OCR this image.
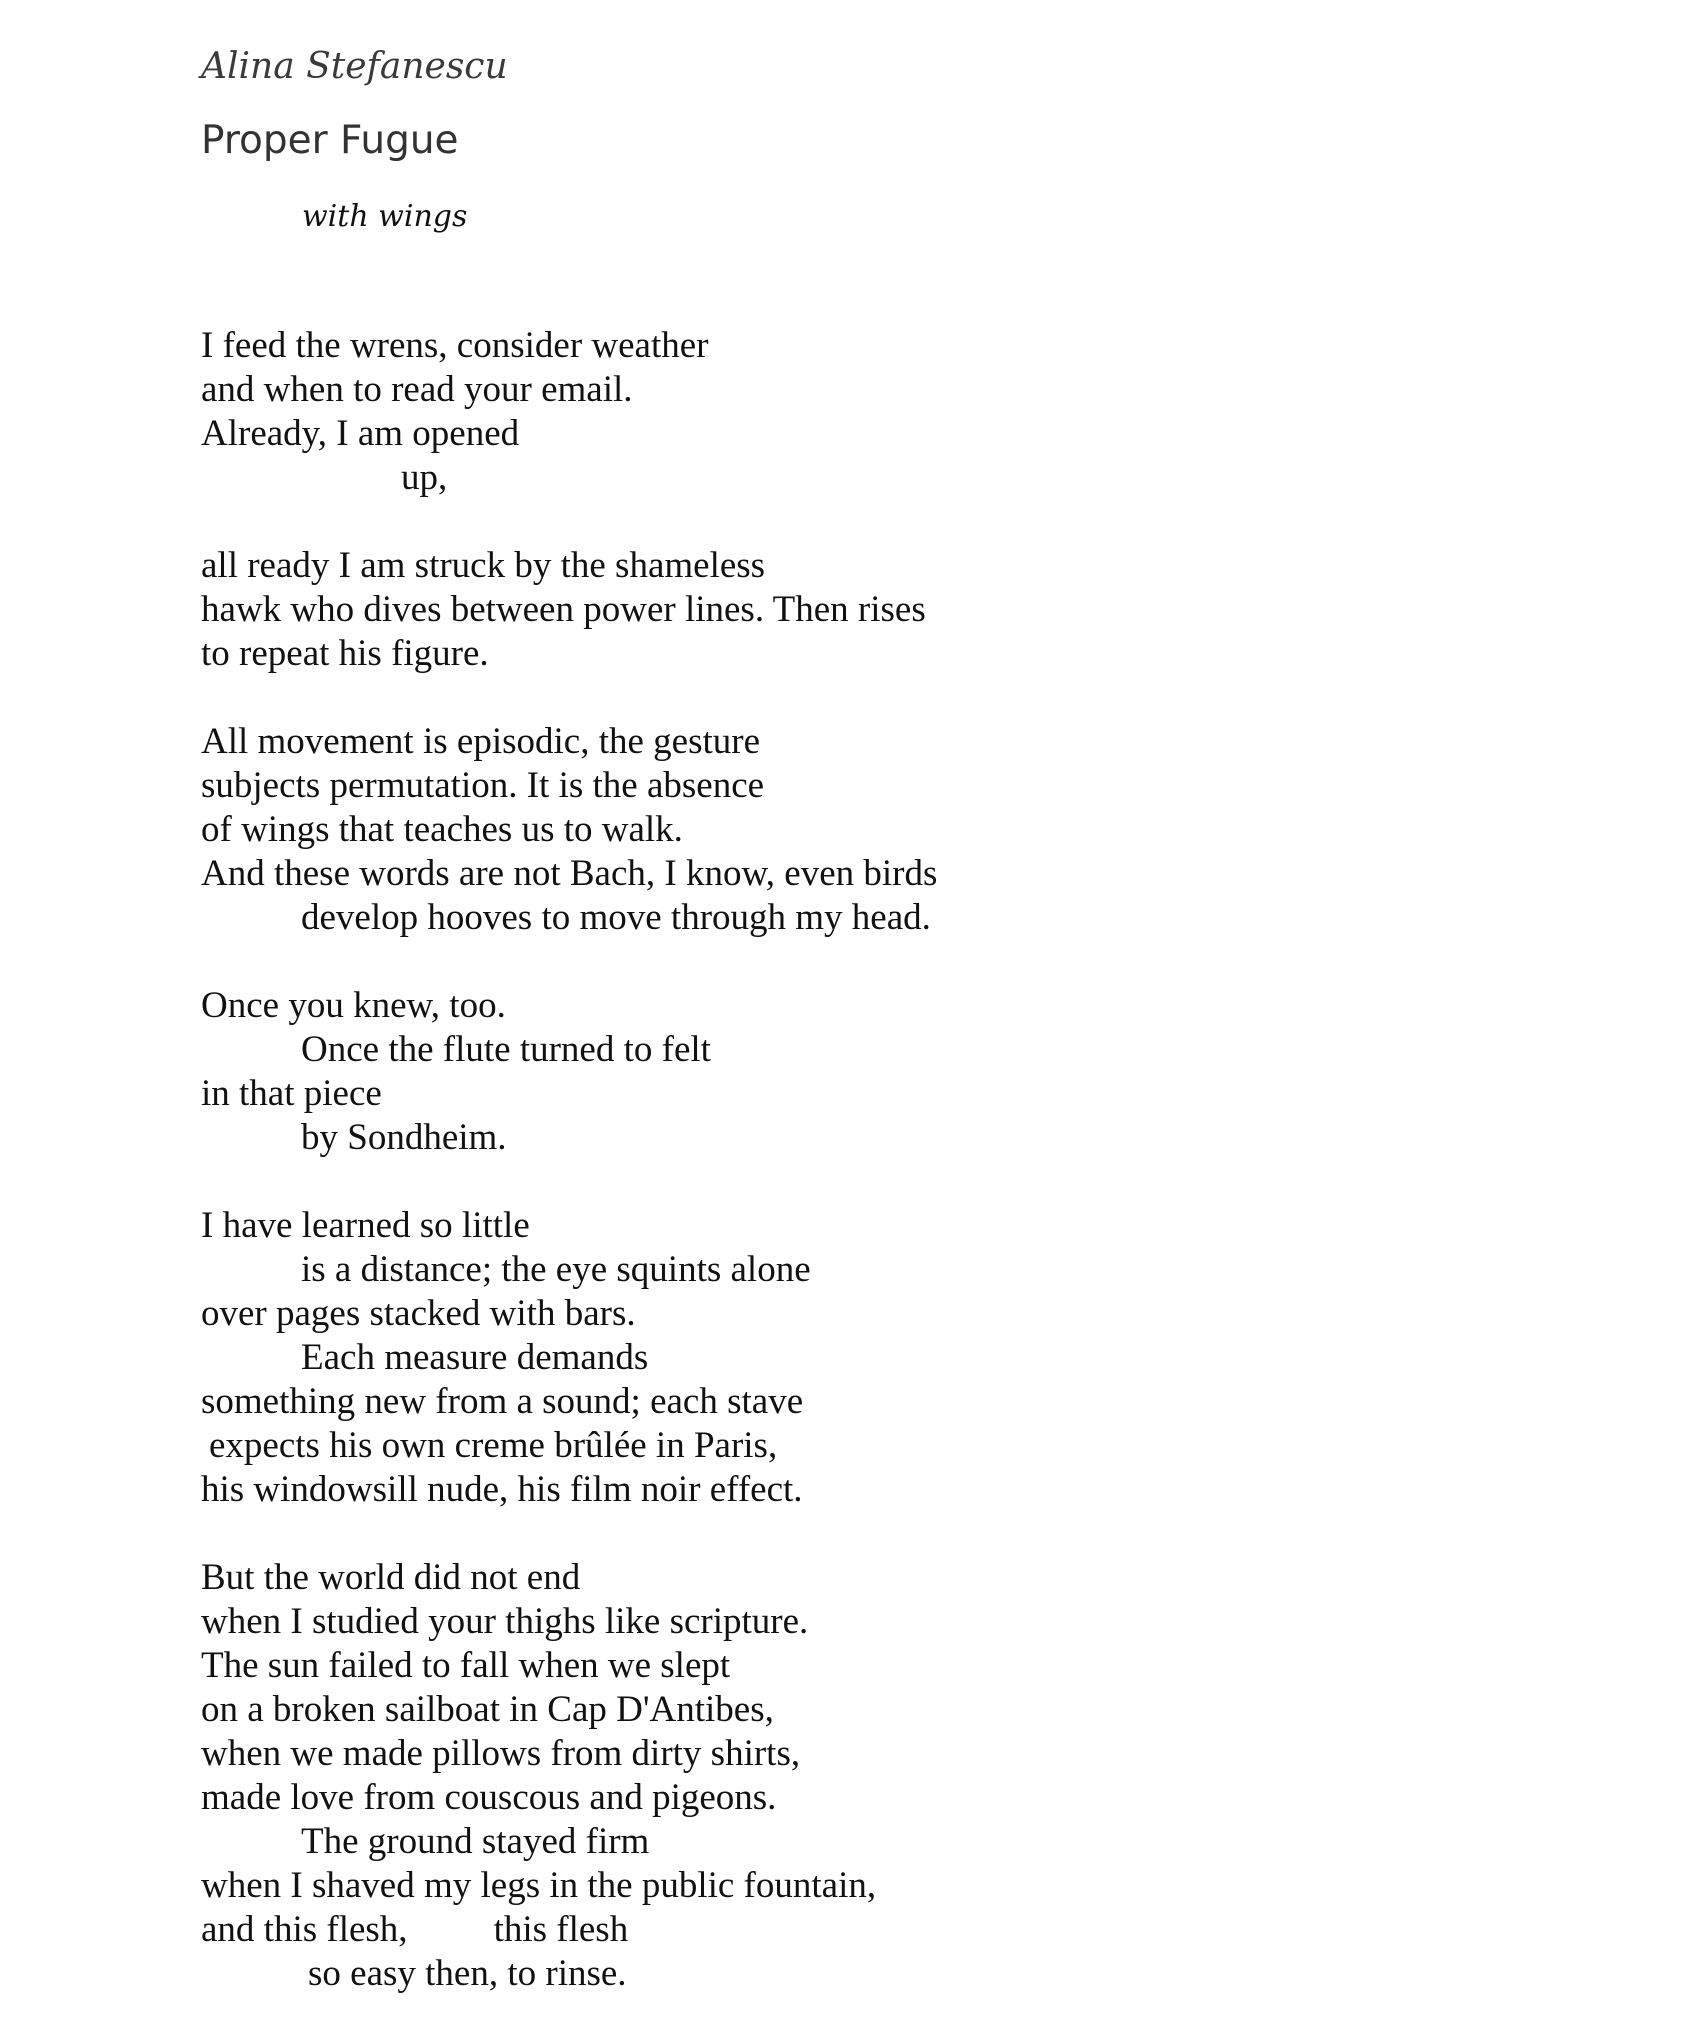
Alina Stefanescu
Proper Fugue
with wings
I feed the wrens, consider weather
and when to read your email.
Already, I am opened
up,
all ready I am struck by the shameless
hawk who dives between power lines. Then rises
to repeat his figure.
All movement is episodic, the gesture
subjects permutation. It is the absence
of wings that teaches us to walk.
And these words are not Bach, I know, even birds
develop hooves to move through my head.
Once you knew, too.
Once the flute turned to felt
in that piece
by Sondheim.
I have learned so little
is a distance; the eye squints alone
over pages stacked with bars.
Each measure demands
something new from a sound; each stave
expects his own creme brûlée in Paris,
his windowsill nude, his film noir effect.
But the world did not end
when I studied your thighs like scripture.
The sun failed to fall when we slept
on a broken sailboat in Cap D'Antibes,
when we made pillows from dirty shirts,
made love from couscous and pigeons.
The ground stayed firm
when I shaved my legs in the public fountain,
and this flesh, this flesh
so easy then, to rinse.
